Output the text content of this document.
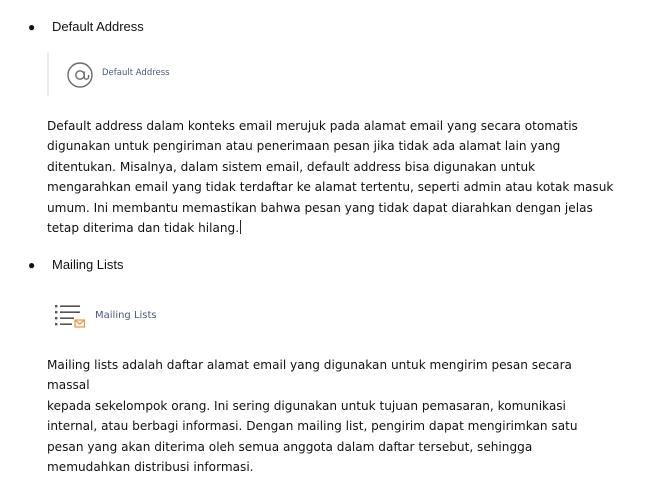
● Default Address
Default Address
Default address dalam konteks email merujuk pada alamat email yang secara otomatis
digunakan untuk pengiriman atau penerimaan pesan jika tidak ada alamat lain yang
ditentukan. Misalnya, dalam sistem email, default address bisa digunakan untuk
mengarahkan email yang tidak terdaftar ke alamat tertentu, seperti admin atau kotak masuk
umum. Ini membantu memastikan bahwa pesan yang tidak dapat diarahkan dengan jelas
tetap diterima dan tidak hilang.
● Mailing Lists
Mailing Lists
Mailing lists adalah daftar alamat email yang digunakan untuk mengirim pesan secara massal
kepada sekelompok orang. Ini sering digunakan untuk tujuan pemasaran, komunikasi
internal, atau berbagi informasi. Dengan mailing list, pengirim dapat mengirimkan satu
pesan yang akan diterima oleh semua anggota dalam daftar tersebut, sehingga
memudahkan distribusi informasi.
